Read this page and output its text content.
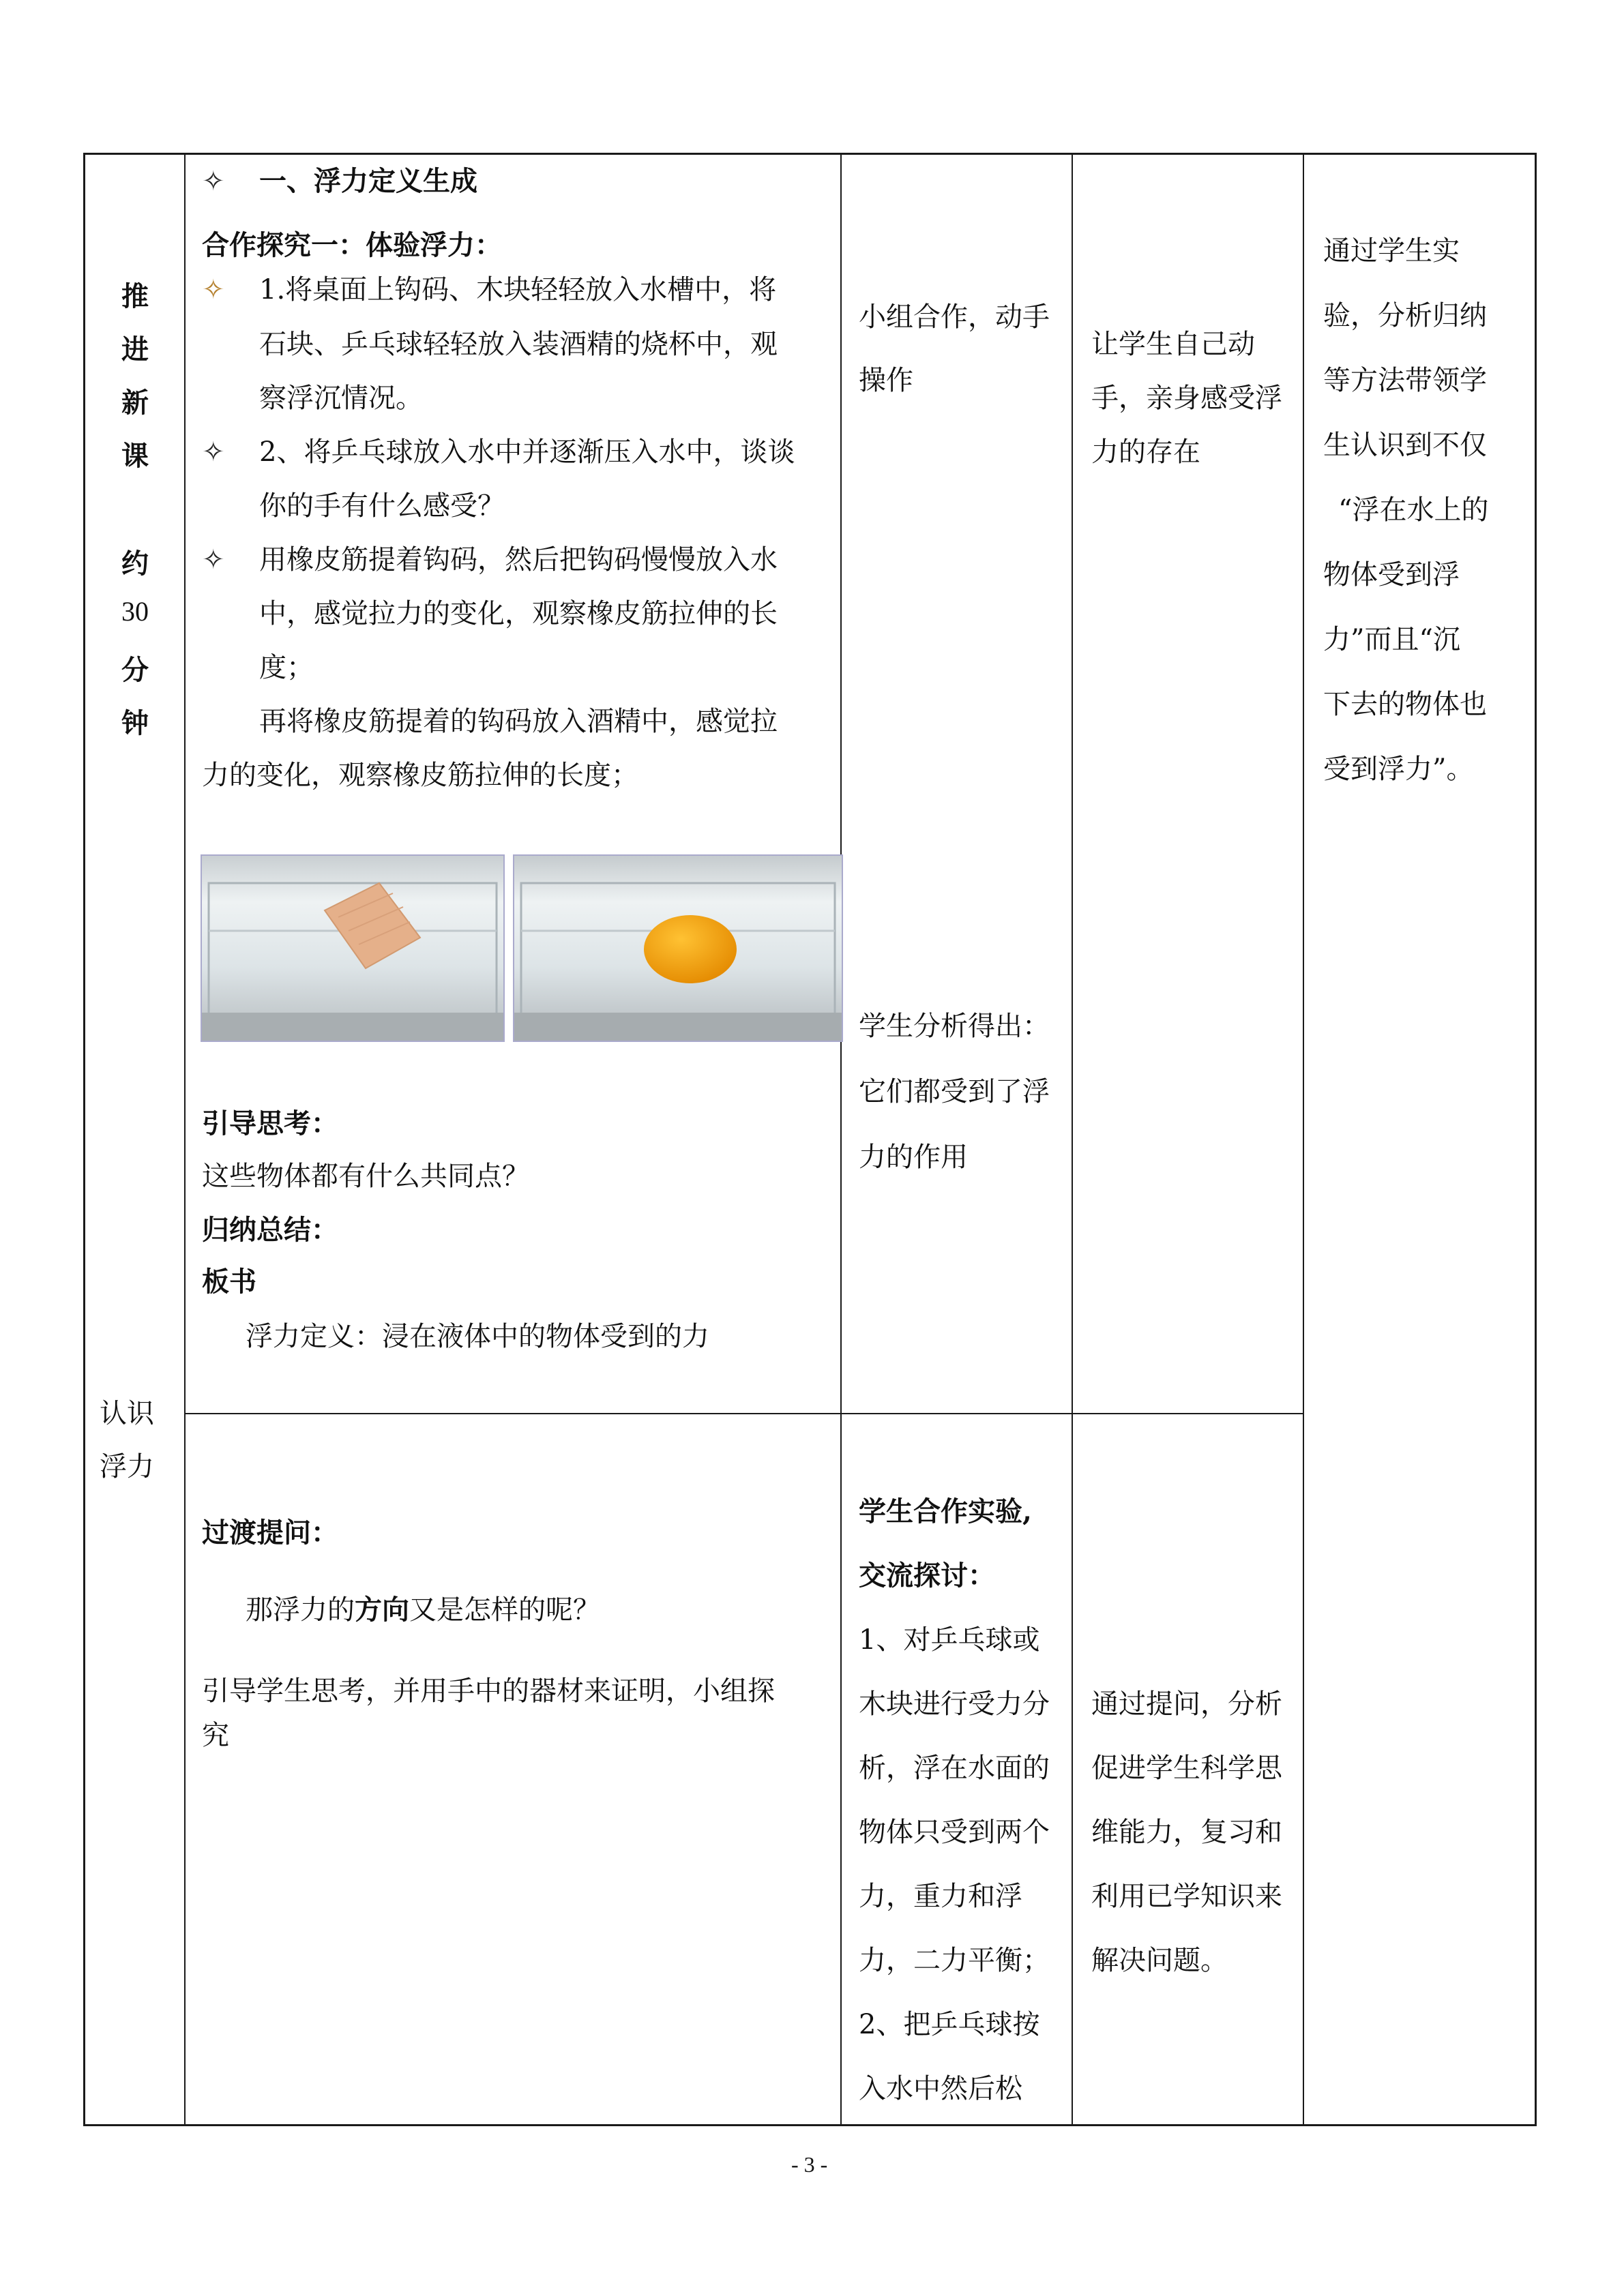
推
进
新
课
约
30
分
钟
认识
浮力
✧ 一、浮力定义生成
合作探究一：体验浮力：
✧ 1.将桌面上钩码、木块轻轻放入水槽中，将
石块、乒乓球轻轻放入装酒精的烧杯中，观
察浮沉情况。
✧ 2、将乒乓球放入水中并逐渐压入水中，谈谈
你的手有什么感受？
✧ 用橡皮筋提着钩码，然后把钩码慢慢放入水
中，感觉拉力的变化，观察橡皮筋拉伸的长
度；
再将橡皮筋提着的钩码放入酒精中，感觉拉
力的变化，观察橡皮筋拉伸的长度；
引导思考：
这些物体都有什么共同点？
归纳总结：
板书
浮力定义：浸在液体中的物体受到的力
小组合作，动手
操作
学生分析得出：
它们都受到了浮
力的作用
让学生自己动
手，亲身感受浮
力的存在
通过学生实
验，分析归纳
等方法带领学
生认识到不仅
“浮在水上的
物体受到浮
力”而且“沉
下去的物体也
受到浮力”。
过渡提问：
那浮力的方向又是怎样的呢？
引导学生思考，并用手中的器材来证明，小组探
究
学生合作实验,
交流探讨：
1、对乒乓球或
木块进行受力分
析，浮在水面的
物体只受到两个
力，重力和浮
力，二力平衡；
2、把乒乓球按
入水中然后松
通过提问，分析
促进学生科学思
维能力，复习和
利用已学知识来
解决问题。
- 3 -
